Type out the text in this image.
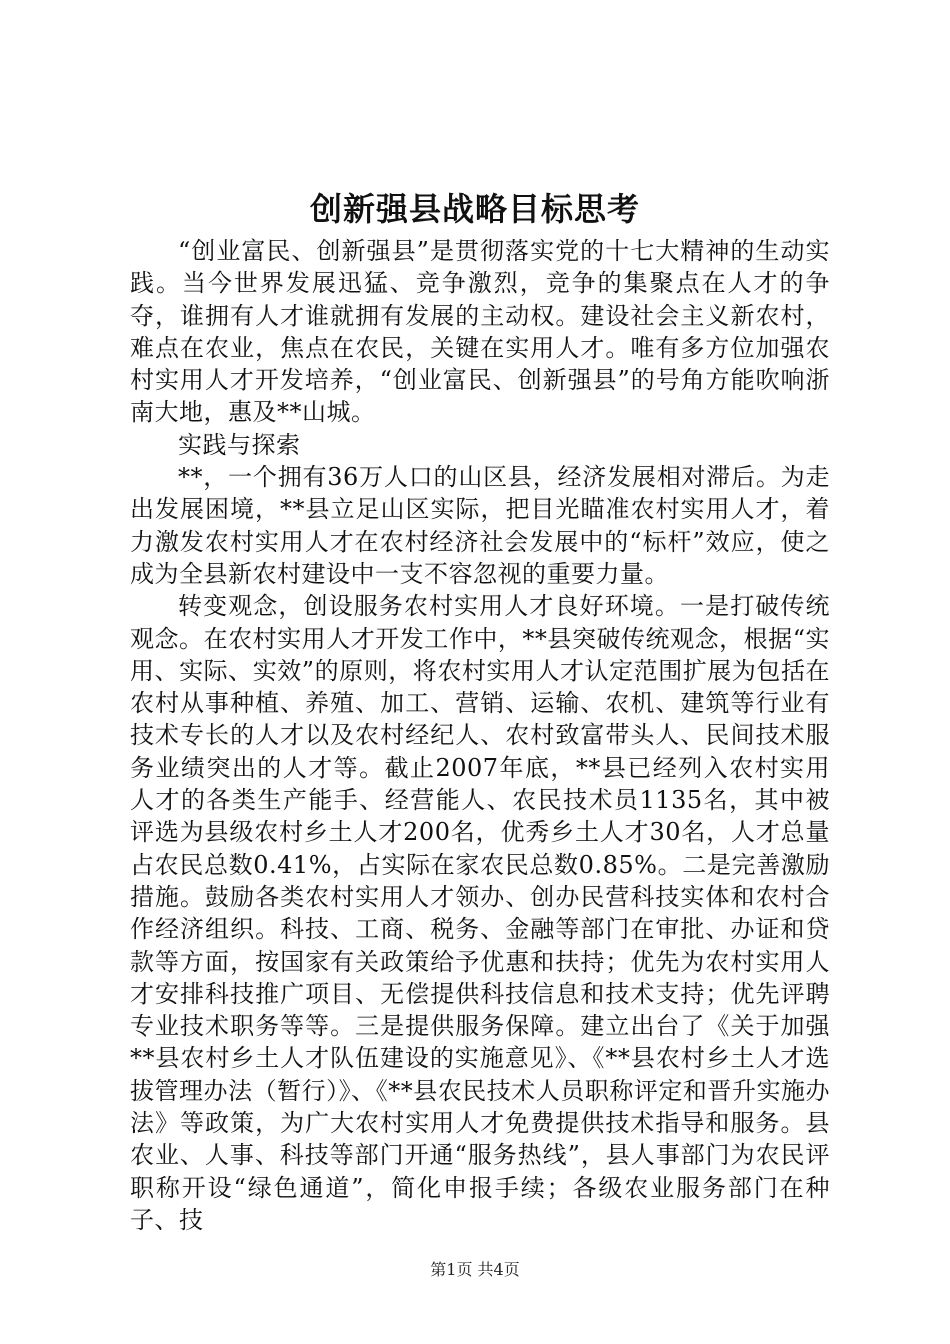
创新强县战略目标思考

“创业富民、创新强县”是贯彻落实党的十七大精神的生动实践。当今世界发展迅猛、竞争激烈，竞争的集聚点在人才的争夺，谁拥有人才谁就拥有发展的主动权。建设社会主义新农村，难点在农业，焦点在农民，关键在实用人才。唯有多方位加强农村实用人才开发培养，“创业富民、创新强县”的号角方能吹响浙南大地，惠及**山城。

实践与探索

**，一个拥有36万人口的山区县，经济发展相对滞后。为走出发展困境，**县立足山区实际，把目光瞄准农村实用人才，着力激发农村实用人才在农村经济社会发展中的“标杆”效应，使之成为全县新农村建设中一支不容忽视的重要力量。

转变观念，创设服务农村实用人才良好环境。一是打破传统观念。在农村实用人才开发工作中，**县突破传统观念，根据“实用、实际、实效”的原则，将农村实用人才认定范围扩展为包括在农村从事种植、养殖、加工、营销、运输、农机、建筑等行业有技术专长的人才以及农村经纪人、农村致富带头人、民间技术服务业绩突出的人才等。截止2007年底，**县已经列入农村实用人才的各类生产能手、经营能人、农民技术员1135名，其中被评选为县级农村乡土人才200名，优秀乡土人才30名，人才总量占农民总数0.41%，占实际在家农民总数0.85%。二是完善激励措施。鼓励各类农村实用人才领办、创办民营科技实体和农村合作经济组织。科技、工商、税务、金融等部门在审批、办证和贷款等方面，按国家有关政策给予优惠和扶持；优先为农村实用人才安排科技推广项目、无偿提供科技信息和技术支持；优先评聘专业技术职务等等。三是提供服务保障。建立出台了《关于加强**县农村乡土人才队伍建设的实施意见》、《**县农村乡土人才选拔管理办法（暂行）》、《**县农民技术人员职称评定和晋升实施办法》等政策，为广大农村实用人才免费提供技术指导和服务。县农业、人事、科技等部门开通“服务热线”，县人事部门为农民评职称开设“绿色通道”，简化申报手续；各级农业服务部门在种子、技

第1页 共4页
